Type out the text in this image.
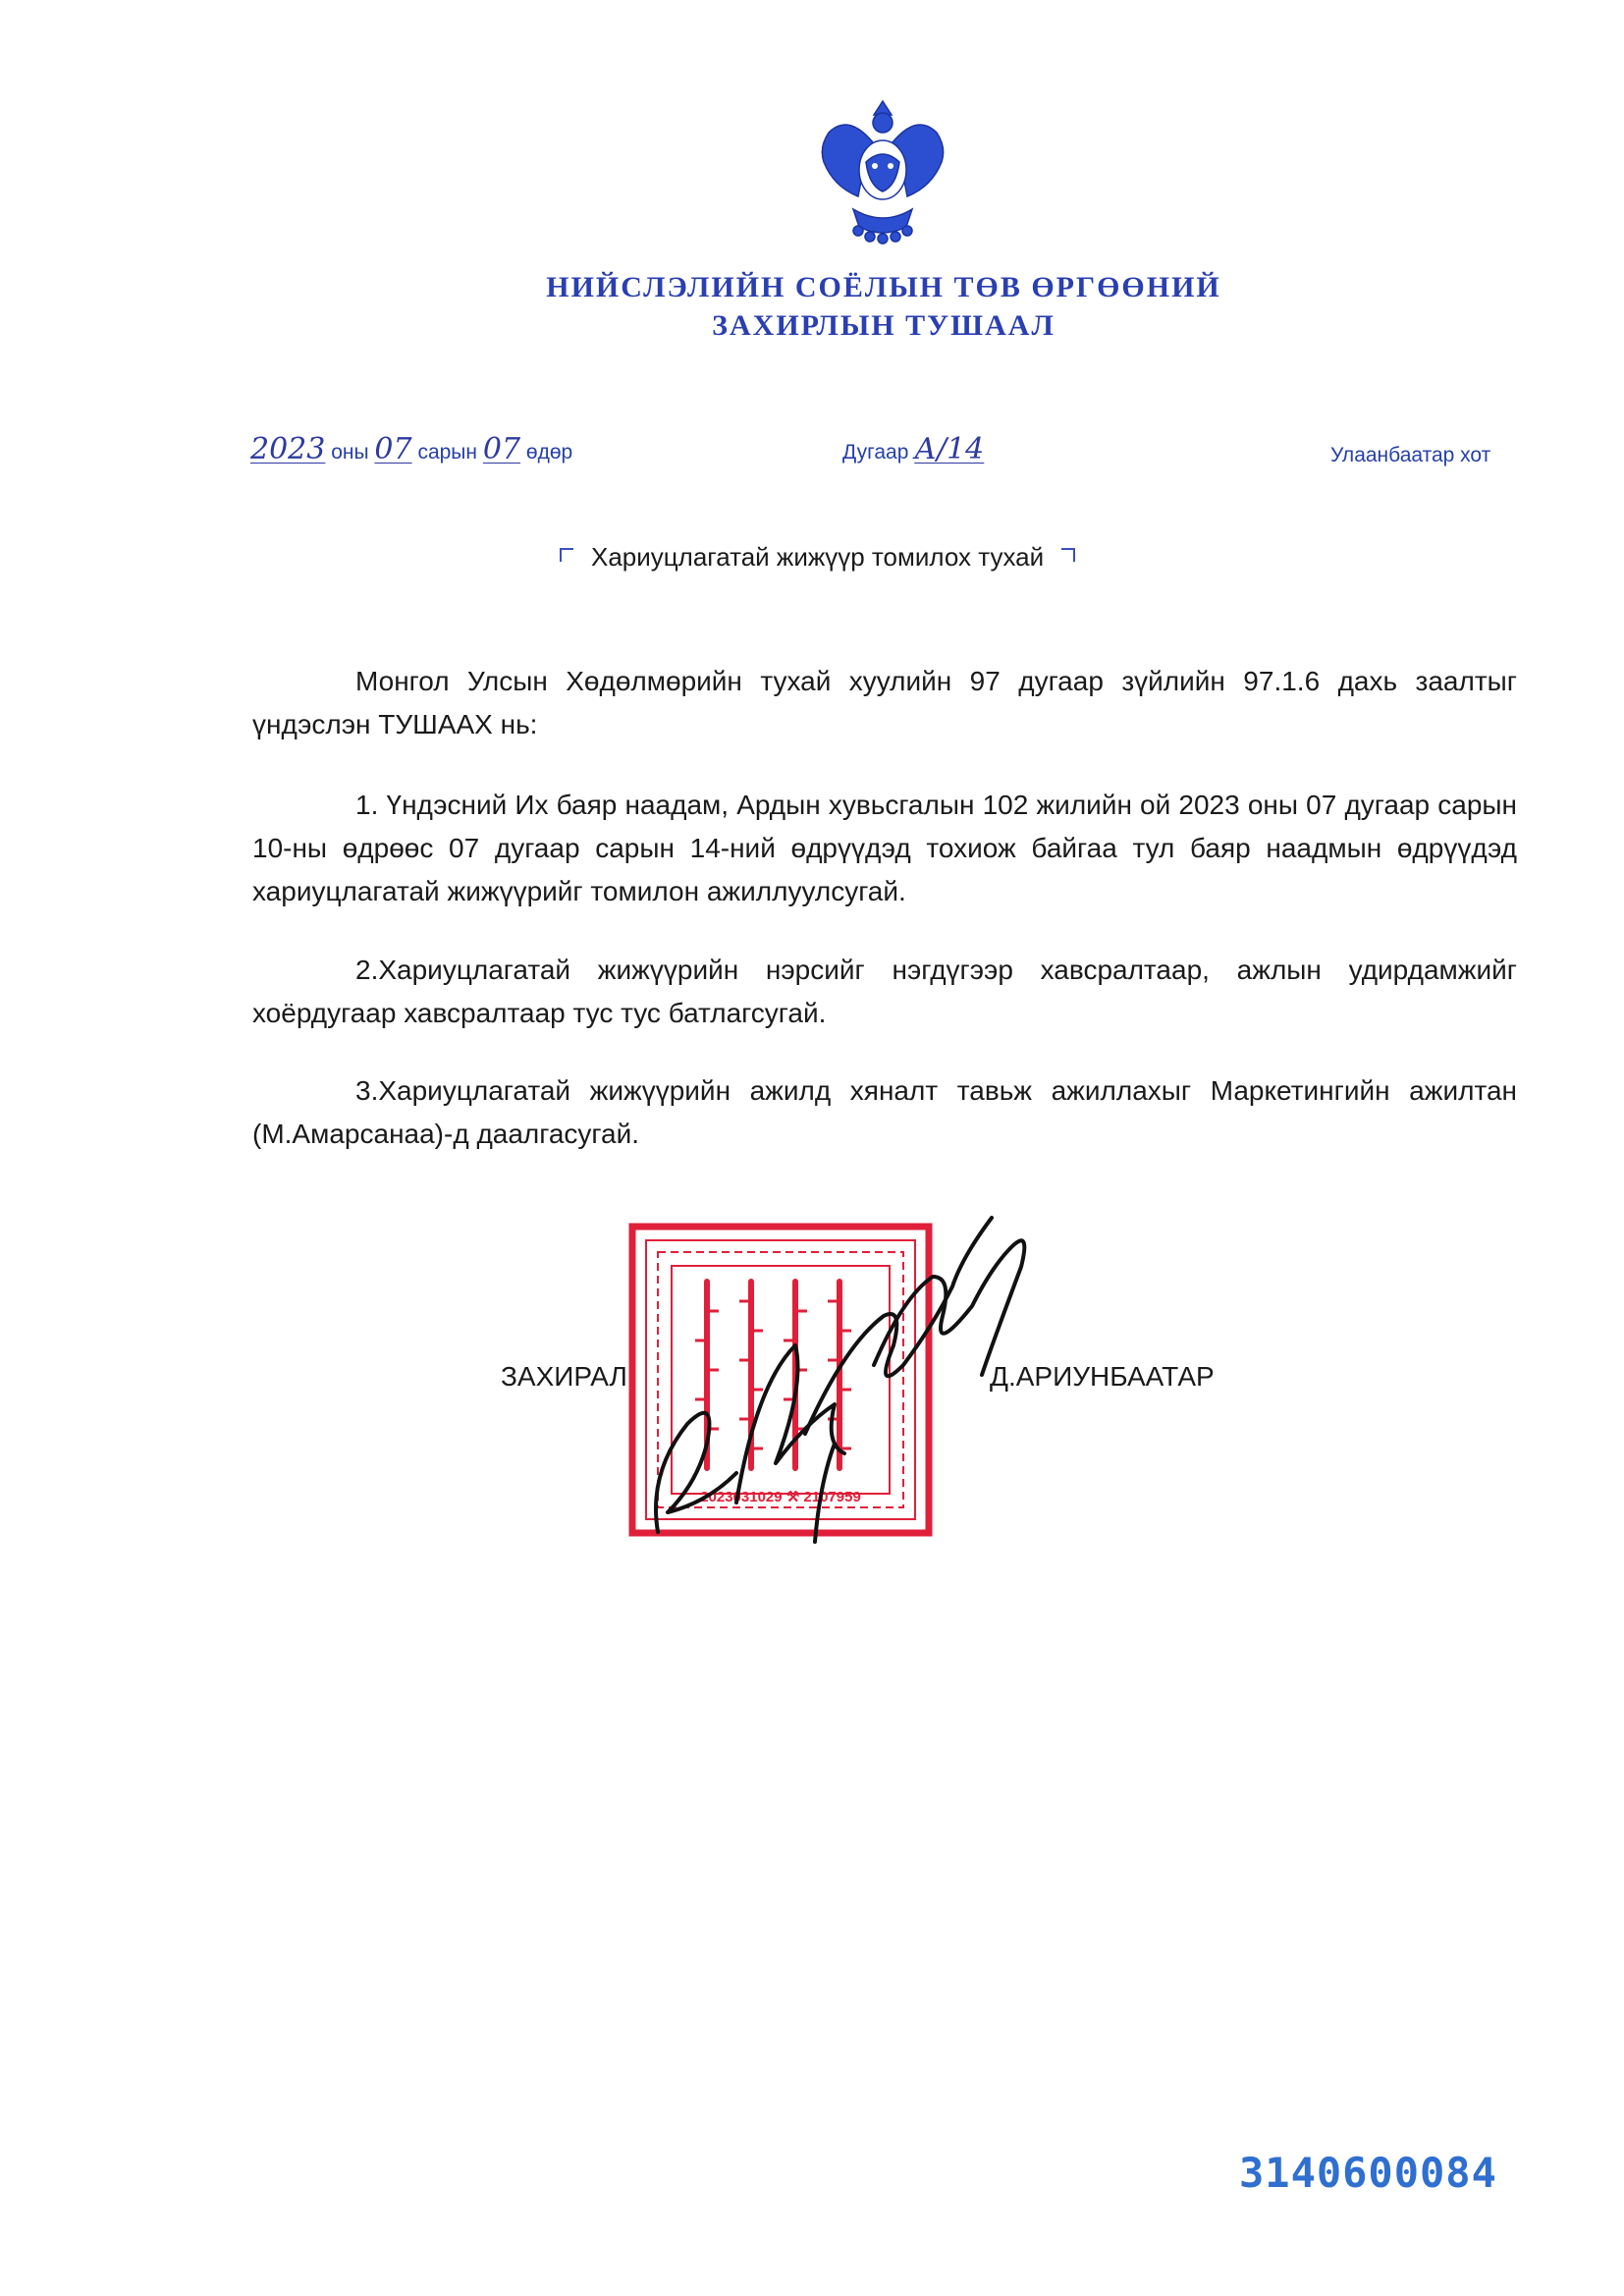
НИЙСЛЭЛИЙН СОЁЛЫН ТӨВ ӨРГӨӨНИЙ
ЗАХИРЛЫН ТУШААЛ
2023 оны 07 сарын 07 өдөр	Дугаар А/14	Улаанбаатар хот
Хариуцлагатай жижүүр томилох тухай

Монгол Улсын Хөдөлмөрийн тухай хуулийн 97 дугаар зүйлийн 97.1.6 дахь заалтыг үндэслэн ТУШААХ нь:

1. Үндэсний Их баяр наадам, Ардын хувьсгалын 102 жилийн ой 2023 оны 07 дугаар сарын 10-ны өдрөөс 07 дугаар сарын 14-ний өдрүүдэд тохиож байгаа тул баяр наадмын өдрүүдэд хариуцлагатай жижүүрийг томилон ажиллуулсугай.

2.Хариуцлагатай жижүүрийн нэрсийг нэгдүгээр хавсралтаар, ажлын удирдамжийг хоёрдугаар хавсралтаар тус тус батлагсугай.

3.Хариуцлагатай жижүүрийн ажилд хяналт тавьж ажиллахыг Маркетингийн ажилтан (М.Амарсанаа)-д даалгасугай.

2023031029 ⚒ 2107959
ЗАХИРАЛ	Д.АРИУНБААТАР
3140600084
